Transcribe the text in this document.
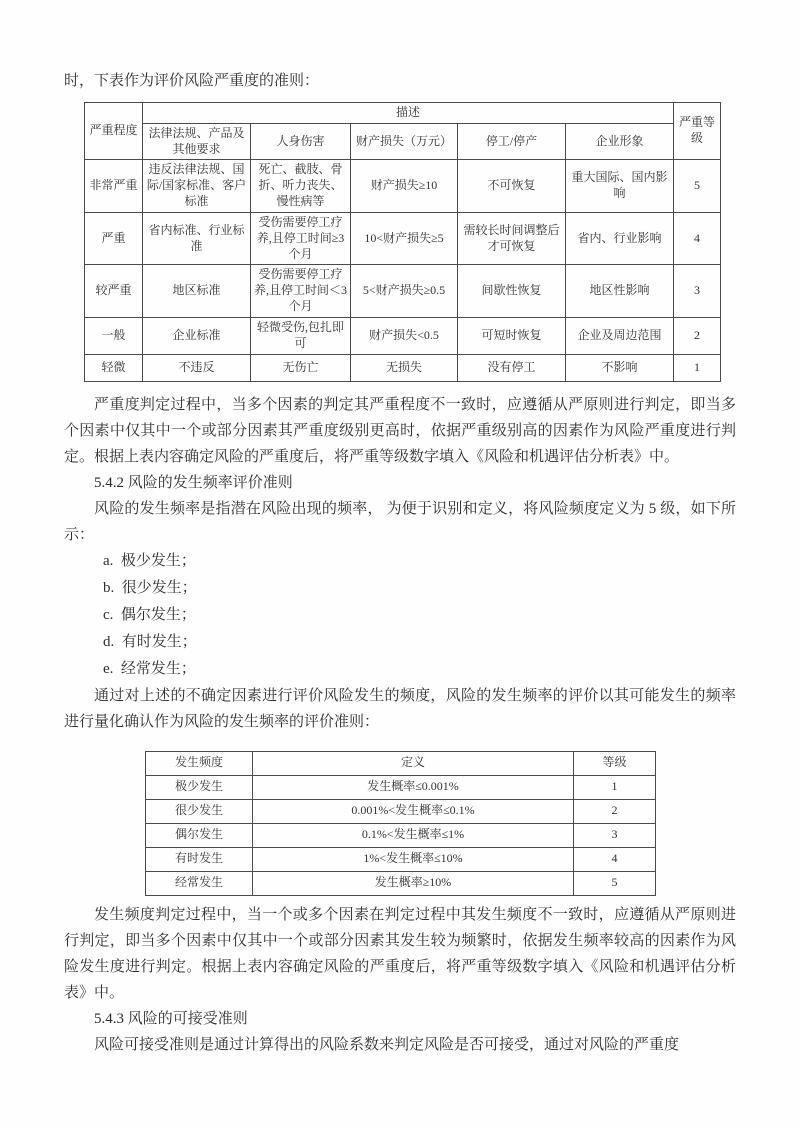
时，下表作为评价风险严重度的准则：
严重程度	描述					严重等级
	法律法规、产品及其他要求	人身伤害	财产损失（万元）	停工/停产	企业形象	
非常严重	违反法律法规、国际/国家标准、客户标准	死亡、截肢、骨折、听力丧失、慢性病等	财产损失≥10	不可恢复	重大国际、国内影响	5
严重	省内标准、行业标准	受伤需要停工疗养,且停工时间≥3个月	10<财产损失≥5	需较长时间调整后才可恢复	省内、行业影响	4
较严重	地区标准	受伤需要停工疗养,且停工时间＜3个月	5<财产损失≥0.5	间歇性恢复	地区性影响	3
一般	企业标准	轻微受伤,包扎即可	财产损失<0.5	可短时恢复	企业及周边范围	2
轻微	不违反	无伤亡	无损失	没有停工	不影响	1

严重度判定过程中，当多个因素的判定其严重程度不一致时，应遵循从严原则进行判定，即当多个因素中仅其中一个或部分因素其严重度级别更高时，依据严重级别高的因素作为风险严重度进行判定。根据上表内容确定风险的严重度后，将严重等级数字填入《风险和机遇评估分析表》中。

5.4.2 风险的发生频率评价准则

风险的发生频率是指潜在风险出现的频率， 为便于识别和定义，将风险频度定义为 5 级，如下所示：

a.  极少发生；
b.  很少发生；
c.  偶尔发生；
d.  有时发生；
e.  经常发生；

通过对上述的不确定因素进行评价风险发生的频度，风险的发生频率的评价以其可能发生的频率进行量化确认作为风险的发生频率的评价准则：

发生频度	定义	等级
极少发生	发生概率≤0.001%	1
很少发生	0.001%<发生概率≤0.1%	2
偶尔发生	0.1%<发生概率≤1%	3
有时发生	1%<发生概率≤10%	4
经常发生	发生概率≥10%	5

发生频度判定过程中，当一个或多个因素在判定过程中其发生频度不一致时，应遵循从严原则进行判定，即当多个因素中仅其中一个或部分因素其发生较为频繁时，依据发生频率较高的因素作为风险发生度进行判定。根据上表内容确定风险的严重度后，将严重等级数字填入《风险和机遇评估分析表》中。

5.4.3 风险的可接受准则

风险可接受准则是通过计算得出的风险系数来判定风险是否可接受，通过对风险的严重度
